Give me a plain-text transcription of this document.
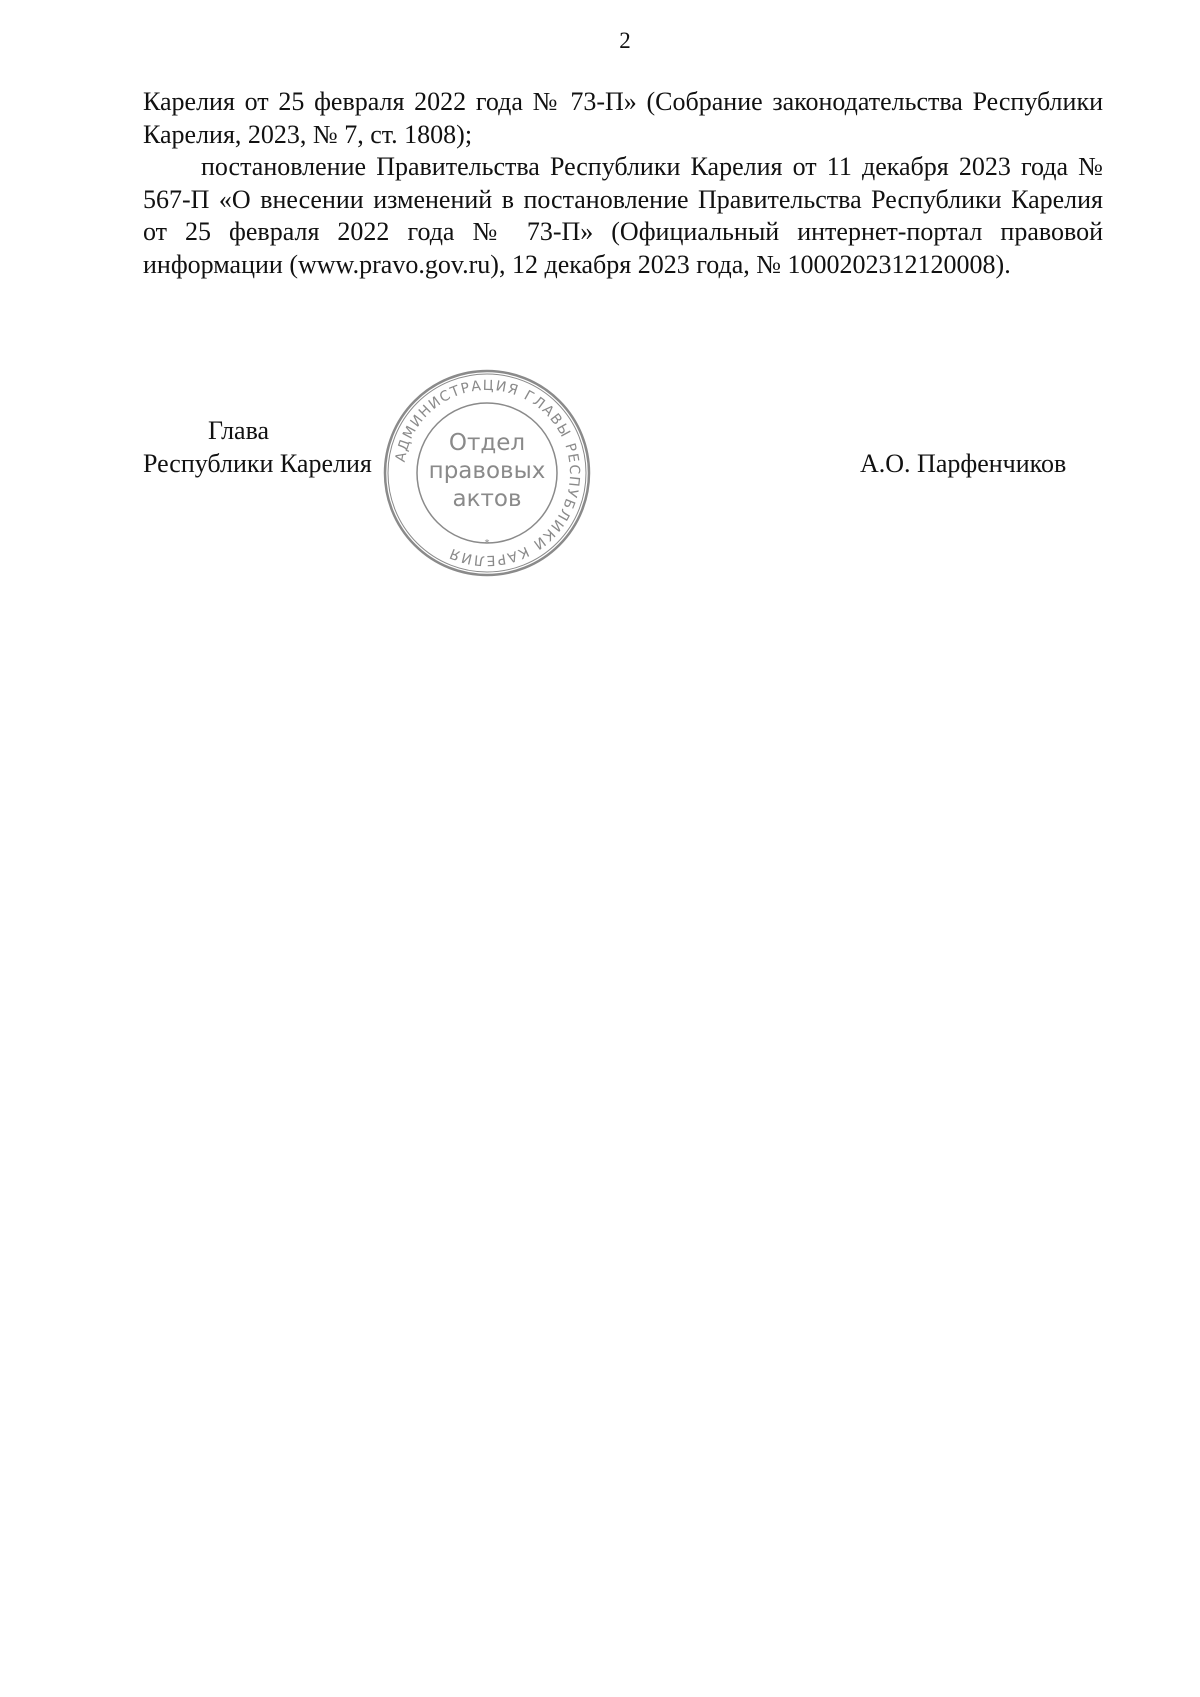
2

Карелия от 25 февраля 2022 года № 73-П» (Собрание законодательства Республики Карелия, 2023, № 7, ст. 1808);

постановление Правительства Республики Карелия от 11 декабря 2023 года № 567-П «О внесении изменений в постановление Правительства Республики Карелия от 25 февраля 2022 года № 73-П» (Официальный интернет-портал правовой информации (www.pravo.gov.ru), 12 декабря 2023 года, № 1000202312120008).

Глава
Республики Карелия	А.О. Парфенчиков
АДМИНИСТРАЦИЯ ГЛАВЫ РЕСПУБЛИКИ КАРЕЛИЯ
*
Отдел
правовых
актов
